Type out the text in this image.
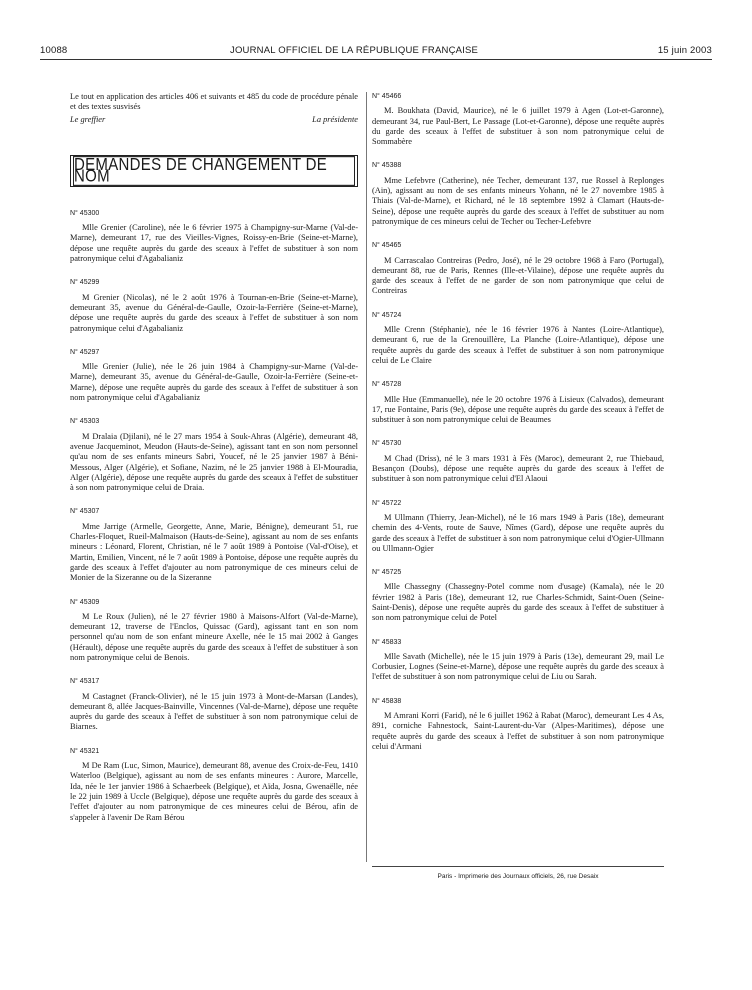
10088	JOURNAL OFFICIEL DE LA RÉPUBLIQUE FRANÇAISE	15 juin 2003

Le tout en application des articles 406 et suivants et 485 du code de procédure pénale et des textes susvisés

Le greffier	La présidente
DEMANDES DE CHANGEMENT DE NOM
N° 45300

Mlle Grenier (Caroline), née le 6 février 1975 à Champigny-sur-Marne (Val-de-Marne), demeurant 17, rue des Vieilles-Vignes, Roissy-en-Brie (Seine-et-Marne), dépose une requête auprès du garde des sceaux à l'effet de substituer à son nom patronymique celui d'Agabalianiz

N° 45299

M Grenier (Nicolas), né le 2 août 1976 à Tournan-en-Brie (Seine-et-Marne), demeurant 35, avenue du Général-de-Gaulle, Ozoir-la-Ferrière (Seine-et-Marne), dépose une requête auprès du garde des sceaux à l'effet de substituer à son nom patronymique celui d'Agabalianiz

N° 45297

Mlle Grenier (Julie), née le 26 juin 1984 à Champigny-sur-Marne (Val-de-Marne), demeurant 35, avenue du Général-de-Gaulle, Ozoir-la-Ferrière (Seine-et-Marne), dépose une requête auprès du garde des sceaux à l'effet de substituer à son nom patronymique celui d'Agabalianiz

N° 45303

M Dralaia (Djilani), né le 27 mars 1954 à Souk-Ahras (Algérie), demeurant 48, avenue Jacqueminot, Meudon (Hauts-de-Seine), agissant tant en son nom personnel qu'au nom de ses enfants mineurs Sabri, Youcef, né le 25 janvier 1987 à Béni-Messous, Alger (Algérie), et Sofiane, Nazim, né le 25 janvier 1988 à El-Mouradia, Alger (Algérie), dépose une requête auprès du garde des sceaux à l'effet de substituer à son nom patronymique celui de Draia.

N° 45307

Mme Jarrige (Armelle, Georgette, Anne, Marie, Bénigne), demeurant 51, rue Charles-Floquet, Rueil-Malmaison (Hauts-de-Seine), agissant au nom de ses enfants mineurs : Léonard, Florent, Christian, né le 7 août 1989 à Pontoise (Val-d'Oise), et Martin, Emilien, Vincent, né le 7 août 1989 à Pontoise, dépose une requête auprès du garde des sceaux à l'effet d'ajouter au nom patronymique de ces mineurs celui de Monier de la Sizeranne ou de la Sizeranne

N° 45309

M Le Roux (Julien), né le 27 février 1980 à Maisons-Alfort (Val-de-Marne), demeurant 12, traverse de l'Enclos, Quissac (Gard), agissant tant en son nom personnel qu'au nom de son enfant mineure Axelle, née le 15 mai 2002 à Ganges (Hérault), dépose une requête auprès du garde des sceaux à l'effet de substituer à son nom patronymique celui de Benois.

N° 45317

M Castagnet (Franck-Olivier), né le 15 juin 1973 à Mont-de-Marsan (Landes), demeurant 8, allée Jacques-Bainville, Vincennes (Val-de-Marne), dépose une requête auprès du garde des sceaux à l'effet de substituer à son nom patronymique celui de Biarnes.

N° 45321

M De Ram (Luc, Simon, Maurice), demeurant 88, avenue des Croix-de-Feu, 1410 Waterloo (Belgique), agissant au nom de ses enfants mineures : Aurore, Marcelle, Ida, née le 1er janvier 1986 à Schaerbeek (Belgique), et Aïda, Josna, Gwenaëlle, née le 22 juin 1989 à Uccle (Belgique), dépose une requête auprès du garde des sceaux à l'effet d'ajouter au nom patronymique de ces mineures celui de Bérou, afin de s'appeler à l'avenir De Ram Bérou

N° 45466

M. Boukhata (David, Maurice), né le 6 juillet 1979 à Agen (Lot-et-Garonne), demeurant 34, rue Paul-Bert, Le Passage (Lot-et-Garonne), dépose une requête auprès du garde des sceaux à l'effet de substituer à son nom patronymique celui de Sommabère

N° 45388

Mme Lefebvre (Catherine), née Techer, demeurant 137, rue Rossel à Replonges (Ain), agissant au nom de ses enfants mineurs Yohann, né le 27 novembre 1985 à Thiais (Val-de-Marne), et Richard, né le 18 septembre 1992 à Clamart (Hauts-de-Seine), dépose une requête auprès du garde des sceaux à l'effet de substituer au nom patronymique de ces mineurs celui de Techer ou Techer-Lefebvre

N° 45465

M Carrascalao Contreiras (Pedro, José), né le 29 octobre 1968 à Faro (Portugal), demeurant 88, rue de Paris, Rennes (Ille-et-Vilaine), dépose une requête auprès du garde des sceaux à l'effet de ne garder de son nom patronymique que celui de Contreiras

N° 45724

Mlle Crenn (Stéphanie), née le 16 février 1976 à Nantes (Loire-Atlantique), demeurant 6, rue de la Grenouillère, La Planche (Loire-Atlantique), dépose une requête auprès du garde des sceaux à l'effet de substituer à son nom patronymique celui de Le Claire

N° 45728

Mlle Hue (Emmanuelle), née le 20 octobre 1976 à Lisieux (Calvados), demeurant 17, rue Fontaine, Paris (9e), dépose une requête auprès du garde des sceaux à l'effet de substituer à son nom patronymique celui de Beaumes

N° 45730

M Chad (Driss), né le 3 mars 1931 à Fès (Maroc), demeurant 2, rue Thiebaud, Besançon (Doubs), dépose une requête auprès du garde des sceaux à l'effet de substituer à son nom patronymique celui d'El Alaoui

N° 45722

M Ullmann (Thierry, Jean-Michel), né le 16 mars 1949 à Paris (18e), demeurant chemin des 4-Vents, route de Sauve, Nîmes (Gard), dépose une requête auprès du garde des sceaux à l'effet de substituer à son nom patronymique celui d'Ogier-Ullmann ou Ullmann-Ogier

N° 45725

Mlle Chassegny (Chassegny-Potel comme nom d'usage) (Kamala), née le 20 février 1982 à Paris (18e), demeurant 12, rue Charles-Schmidt, Saint-Ouen (Seine-Saint-Denis), dépose une requête auprès du garde des sceaux à l'effet de substituer à son nom patronymique celui de Potel

N° 45833

Mlle Savath (Michelle), née le 15 juin 1979 à Paris (13e), demeurant 29, mail Le Corbusier, Lognes (Seine-et-Marne), dépose une requête auprès du garde des sceaux à l'effet de substituer à son nom patronymique celui de Liu ou Sarah.

N° 45838

M Amrani Korri (Farid), né le 6 juillet 1962 à Rabat (Maroc), demeurant Les 4 As, 891, corniche Fahnestock, Saint-Laurent-du-Var (Alpes-Maritimes), dépose une requête auprès du garde des sceaux à l'effet de substituer à son nom patronymique celui d'Armani

Paris - Imprimerie des Journaux officiels, 26, rue Desaix
